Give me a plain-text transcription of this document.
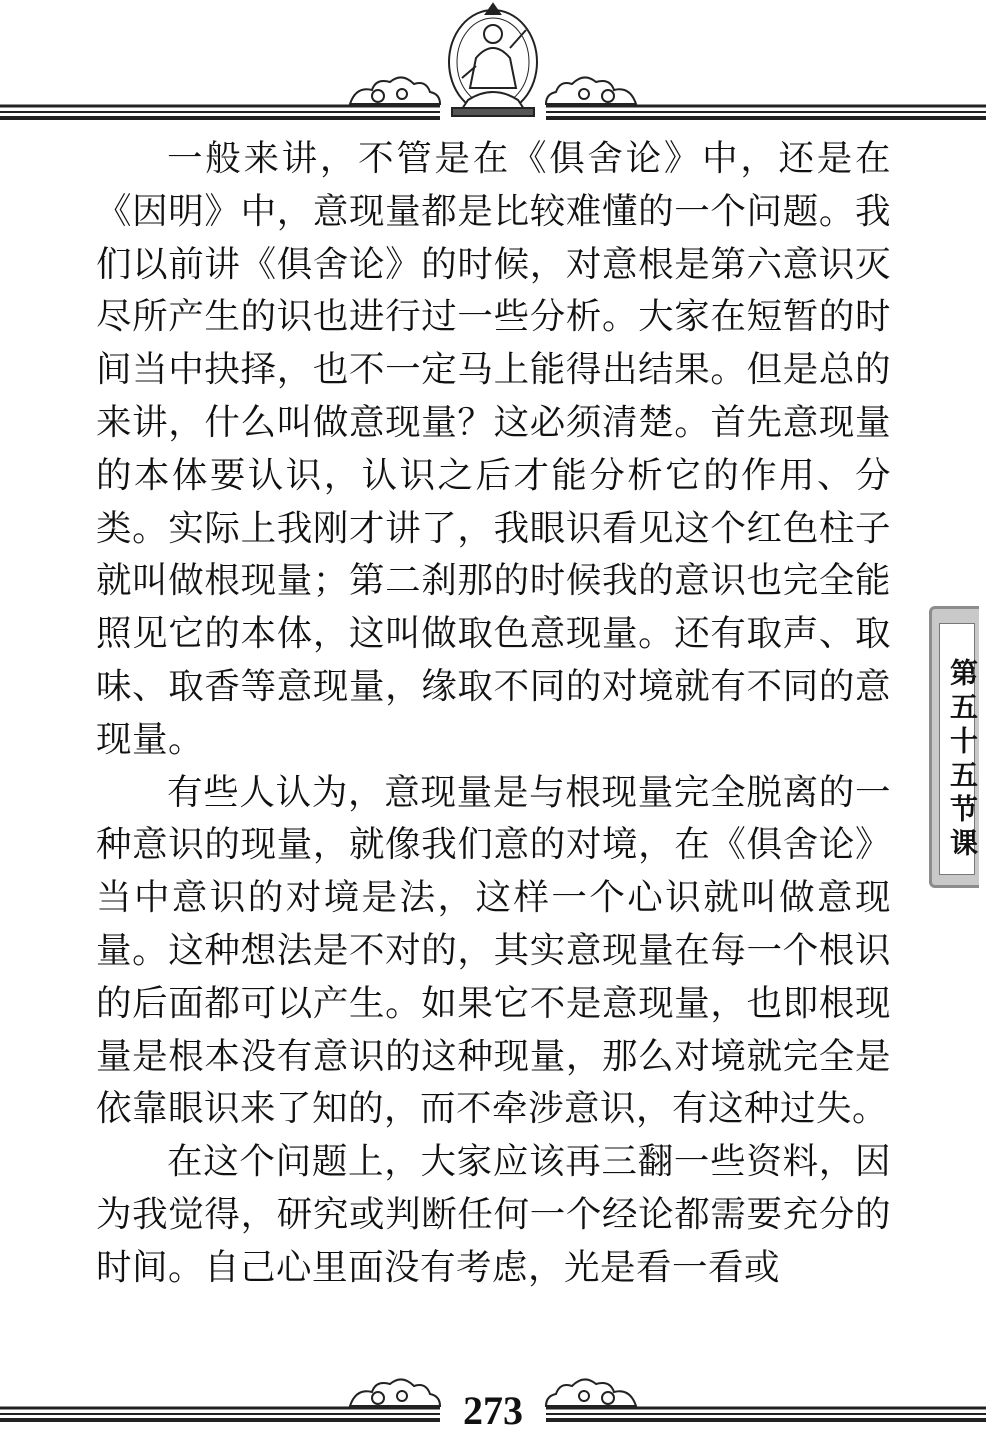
一般来讲，不管是在《俱舍论》中，还是在《因明》中，意现量都是比较难懂的一个问题。我们以前讲《俱舍论》的时候，对意根是第六意识灭尽所产生的识也进行过一些分析。大家在短暂的时间当中抉择，也不一定马上能得出结果。但是总的来讲，什么叫做意现量？这必须清楚。首先意现量的本体要认识，认识之后才能分析它的作用、分类。实际上我刚才讲了，我眼识看见这个红色柱子就叫做根现量；第二刹那的时候我的意识也完全能照见它的本体，这叫做取色意现量。还有取声、取味、取香等意现量，缘取不同的对境就有不同的意现量。

有些人认为，意现量是与根现量完全脱离的一种意识的现量，就像我们意的对境，在《俱舍论》当中意识的对境是法，这样一个心识就叫做意现量。这种想法是不对的，其实意现量在每一个根识的后面都可以产生。如果它不是意现量，也即根现量是根本没有意识的这种现量，那么对境就完全是依靠眼识来了知的，而不牵涉意识，有这种过失。

在这个问题上，大家应该再三翻一些资料，因为我觉得，研究或判断任何一个经论都需要充分的时间。自己心里面没有考虑，光是看一看或

第五十五节课
273
